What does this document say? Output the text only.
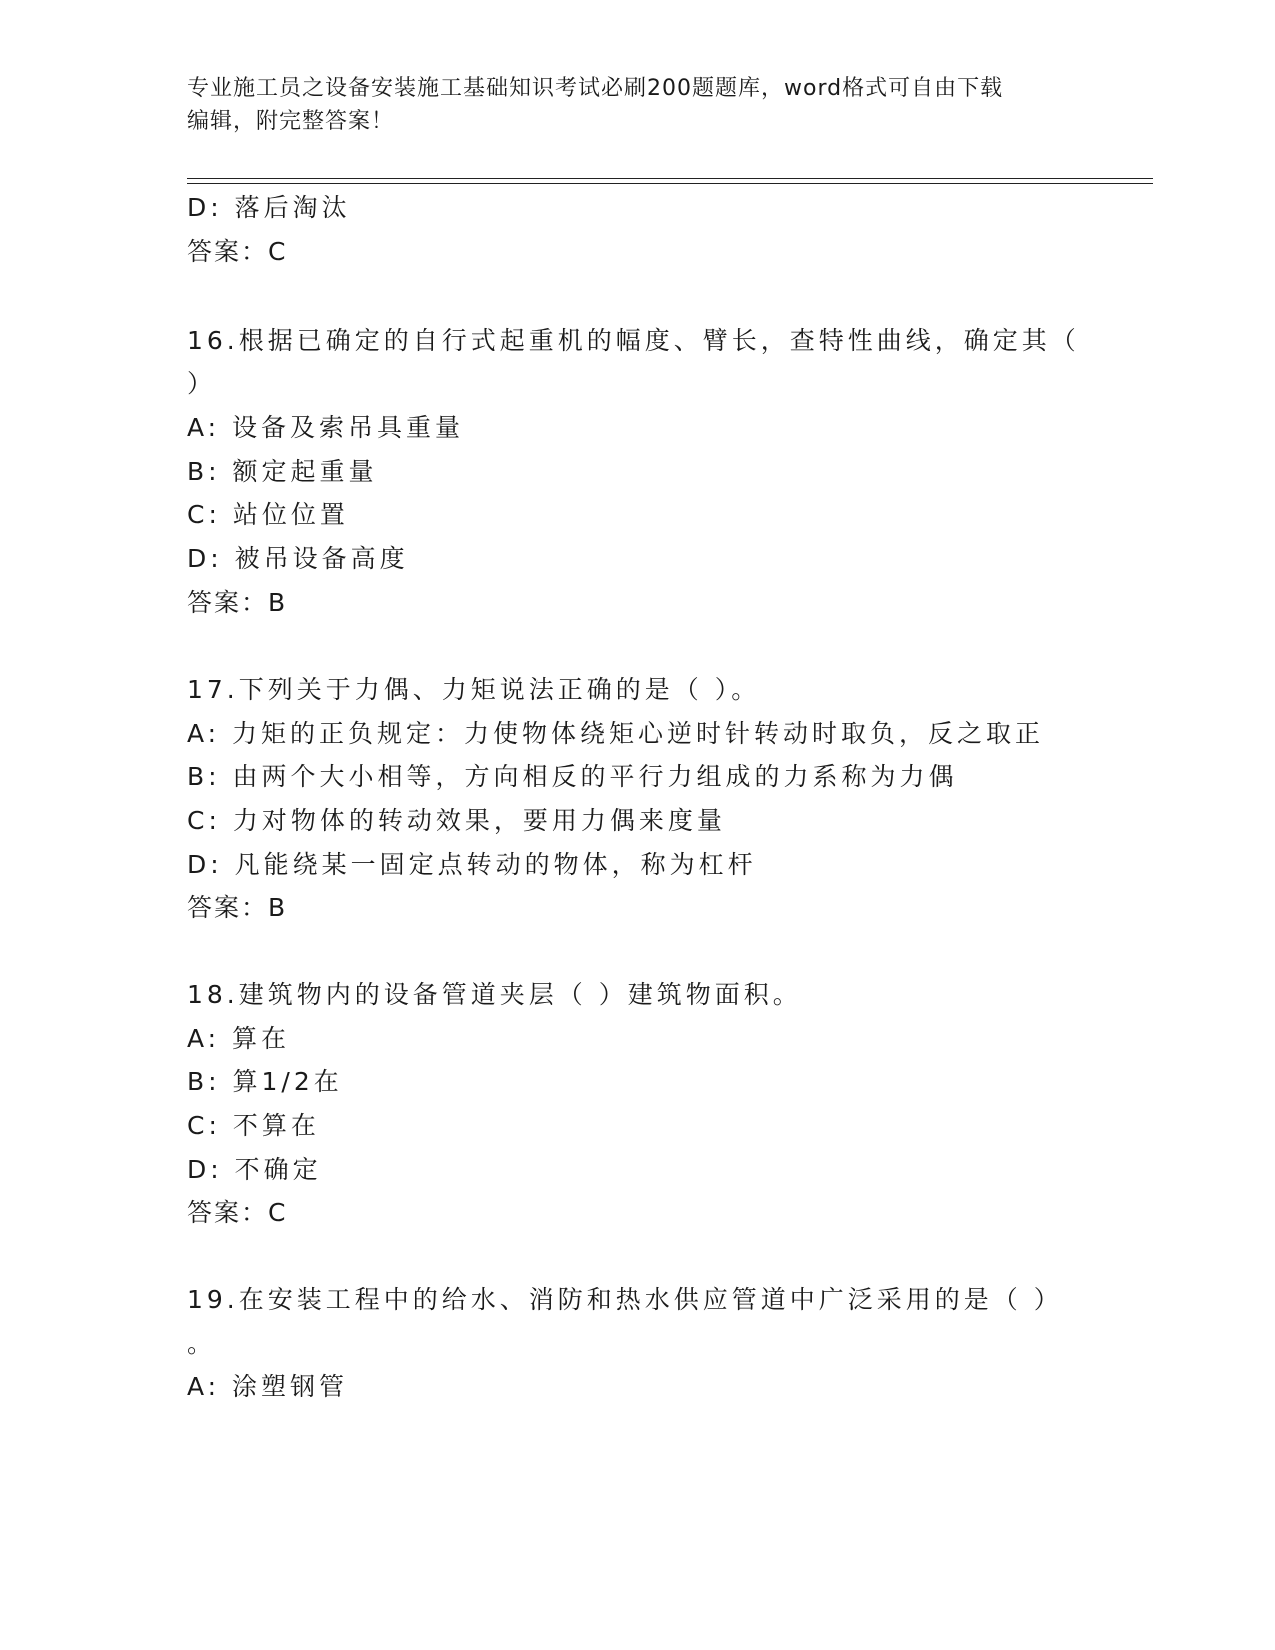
专业施工员之设备安装施工基础知识考试必刷200题题库，word格式可自由下载
编辑，附完整答案！
D: 落后淘汰
答案：C
16.根据已确定的自行式起重机的幅度、臂长，查特性曲线，确定其（
）
A: 设备及索吊具重量
B: 额定起重量
C: 站位位置
D: 被吊设备高度
答案：B
17.下列关于力偶、力矩说法正确的是（ ）。
A: 力矩的正负规定：力使物体绕矩心逆时针转动时取负，反之取正
B: 由两个大小相等，方向相反的平行力组成的力系称为力偶
C: 力对物体的转动效果，要用力偶来度量
D: 凡能绕某一固定点转动的物体，称为杠杆
答案：B
18.建筑物内的设备管道夹层（ ）建筑物面积。
A: 算在
B: 算1/2在
C: 不算在
D: 不确定
答案：C
19.在安装工程中的给水、消防和热水供应管道中广泛采用的是（ ）
。
A: 涂塑钢管
